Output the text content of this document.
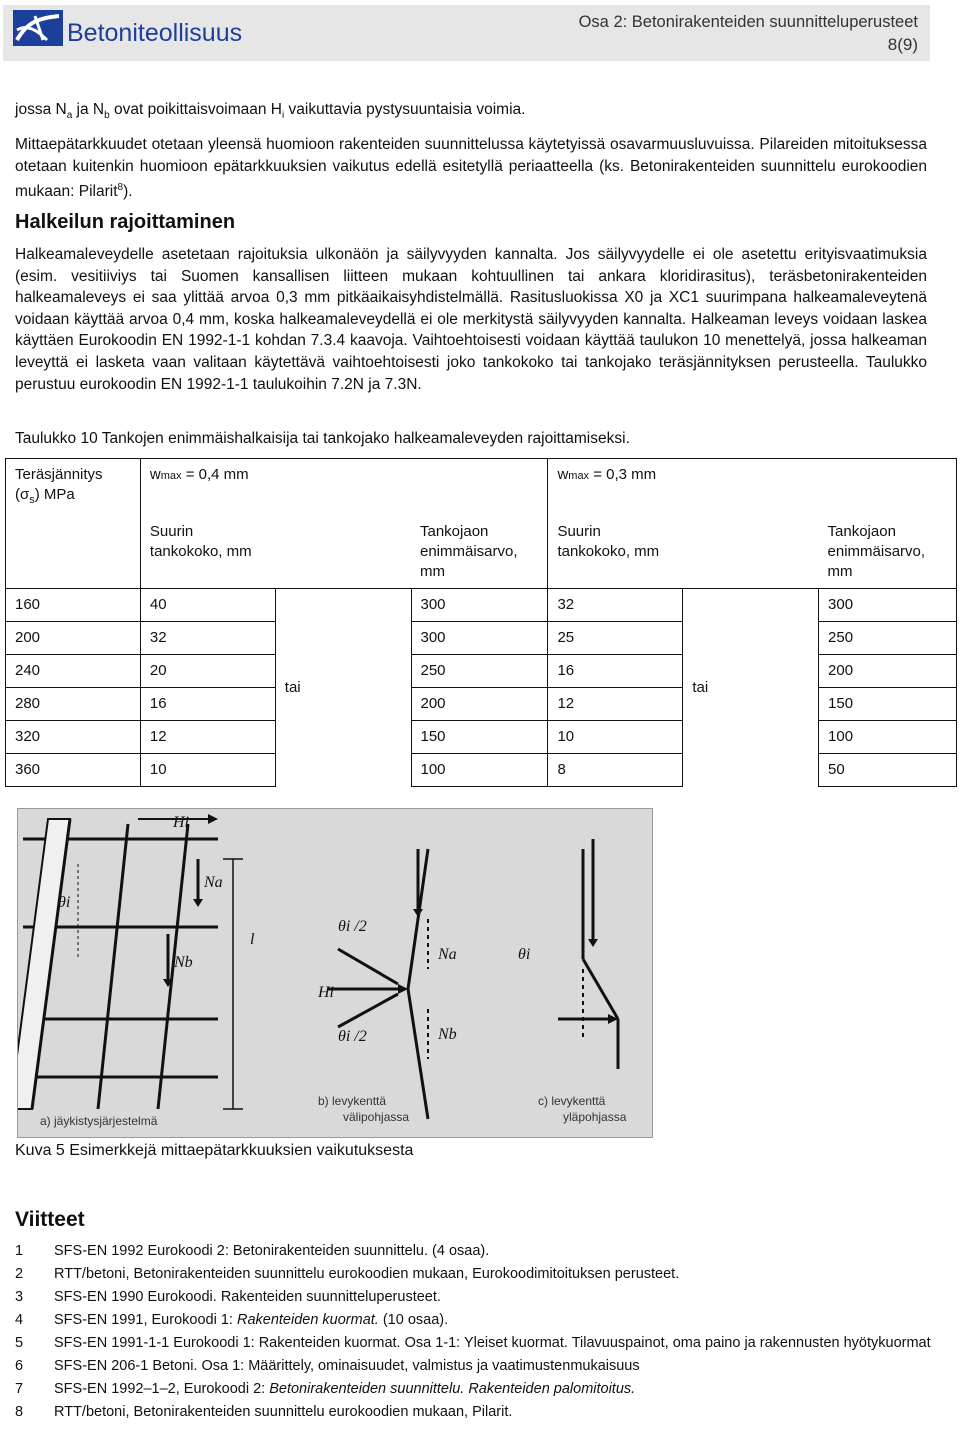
Betoniteollisuus	Osa 2: Betonirakenteiden suunnitteluperusteet
8(9)

jossa $N_a$ ja $N_b$ ovat poikittaisvoimaan $H_i$ vaikuttavia pystysuuntaisia voimia.

Mittaepätarkkuudet otetaan yleensä huomioon rakenteiden suunnittelussa käytetyissä osavarmuusluvuissa. Pilareiden mitoituksessa otetaan kuitenkin huomioon epätarkkuuksien vaikutus edellä esitetyllä periaatteella (ks. Betonirakenteiden suunnittelu eurokoodien mukaan: Pilarit$^8$).

Halkeilun rajoittaminen

Halkeamaleveydelle asetetaan rajoituksia ulkonäön ja säilyvyyden kannalta. Jos säilyvyydelle ei ole asetettu erityisvaatimuksia (esim. vesitiiviys tai Suomen kansallisen liitteen mukaan kohtuullinen tai ankara kloridirasitus), teräsbetonirakenteiden halkeamaleveys ei saa ylittää arvoa 0,3 mm pitkäaikaisyhdistelmällä. Rasitusluokissa X0 ja XC1 suurimpana halkeamaleveytenä voidaan käyttää arvoa 0,4 mm, koska halkeamaleveydellä ei ole merkitystä säilyvyyden kannalta. Halkeaman leveys voidaan laskea käyttäen Eurokoodin EN 1992-1-1 kohdan 7.3.4 kaavoja. Vaihtoehtoisesti voidaan käyttää taulukon 10 menettelyä, jossa halkeaman leveyttä ei lasketa vaan valitaan käytettävä vaihtoehtoisesti joko tankokoko tai tankojako teräsjännityksen perusteella. Taulukko perustuu eurokoodin EN 1992-1-1 taulukoihin 7.2N ja 7.3N.

Taulukko 10 Tankojen enimmäishalkaisija tai tankojako halkeamaleveyden rajoittamiseksi.

Teräsjännitys
$(\sigma_s)$ MPa	wmax = 0,4 mm			wmax = 0,3 mm		
	Suurin tankokoko, mm		Tankojaon enimmäisarvo, mm	Suurin tankokoko, mm		Tankojaon enimmäisarvo, mm
160	40	tai	300	32	tai	300
200	32		300	25		250
240	20		250	16		200
280	16		200	12		150
320	12		150	10		100
360	10		100	8		50
Hi
Na
Nb
θi
l
a) jäykistysjärjestelmä
θi /2
θi /2
Hi
Na
Nb
b) levykenttä
välipohjassa
θi
c) levykenttä
yläpohjassa

Kuva 5 Esimerkkejä mittaepätarkkuuksien vaikutuksesta

Viitteet
1	SFS-EN 1992 Eurokoodi 2: Betonirakenteiden suunnittelu. (4 osaa).
2	RTT/betoni, Betonirakenteiden suunnittelu eurokoodien mukaan, Eurokoodimitoituksen perusteet.
3	SFS-EN 1990 Eurokoodi. Rakenteiden suunnitteluperusteet.
4	SFS-EN 1991, Eurokoodi 1: Rakenteiden kuormat. (10 osaa).
5	SFS-EN 1991-1-1 Eurokoodi 1: Rakenteiden kuormat. Osa 1-1: Yleiset kuormat. Tilavuuspainot, oma paino ja rakennusten hyötykuormat
6	SFS-EN 206-1 Betoni. Osa 1: Määrittely, ominaisuudet, valmistus ja vaatimustenmukaisuus
7	SFS-EN 1992–1–2, Eurokoodi 2: Betonirakenteiden suunnittelu. Rakenteiden palomitoitus.
8	RTT/betoni, Betonirakenteiden suunnittelu eurokoodien mukaan, Pilarit.
